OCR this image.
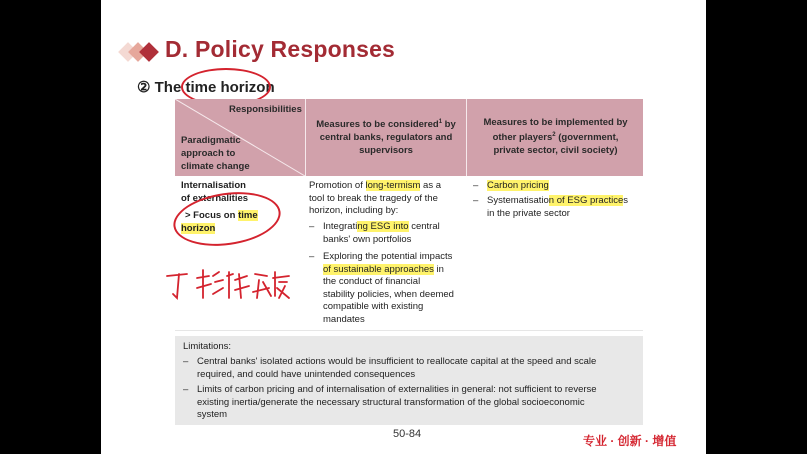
D. Policy Responses
② The time horizon
Responsibilities
Paradigmatic
approach to
climate change
Measures to be considered$^1$ by
central banks, regulators and
supervisors
Measures to be implemented by
other players$^2$ (government,
private sector, civil society)
Internalisation
of externalities
> Focus on time
horizon
Promotion of long-termism as a
tool to break the tragedy of the
horizon, including by:
– Integrating ESG into central
banks' own portfolios
– Exploring the potential impacts
of sustainable approaches in
the conduct of financial
stability policies, when deemed
compatible with existing
mandates
– Carbon pricing
– Systematisation of ESG practices
in the private sector
Limitations:
– Central banks' isolated actions would be insufficient to reallocate capital at the speed and scale
required, and could have unintended consequences
– Limits of carbon pricing and of internalisation of externalities in general: not sufficient to reverse
existing inertia/generate the necessary structural transformation of the global socioeconomic
system
50-84	专业 · 创新 · 增值
